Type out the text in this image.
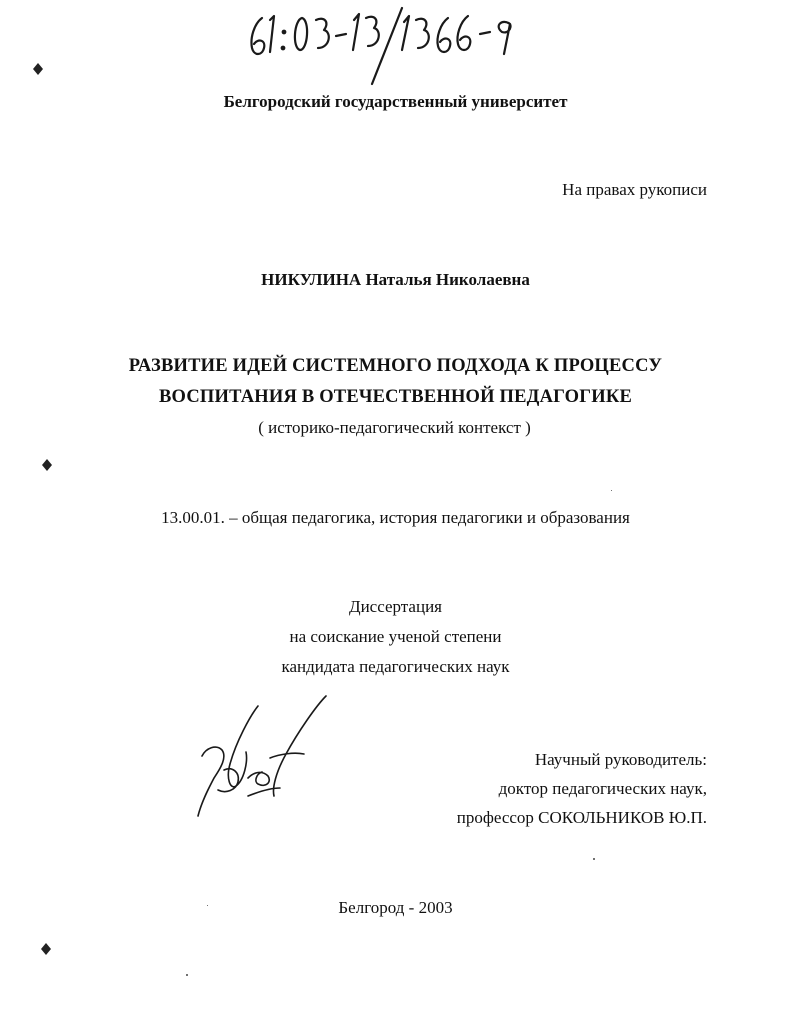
Белгородский государственный университет
На правах рукописи
НИКУЛИНА Наталья Николаевна
РАЗВИТИЕ ИДЕЙ СИСТЕМНОГО ПОДХОДА К ПРОЦЕССУ
ВОСПИТАНИЯ В ОТЕЧЕСТВЕННОЙ ПЕДАГОГИКЕ
( историко-педагогический контекст )
13.00.01. – общая педагогика, история педагогики и образования
Диссертация
на соискание ученой степени
кандидата педагогических наук
Научный руководитель:
доктор педагогических наук,
профессор СОКОЛЬНИКОВ Ю.П.
Белгород - 2003
